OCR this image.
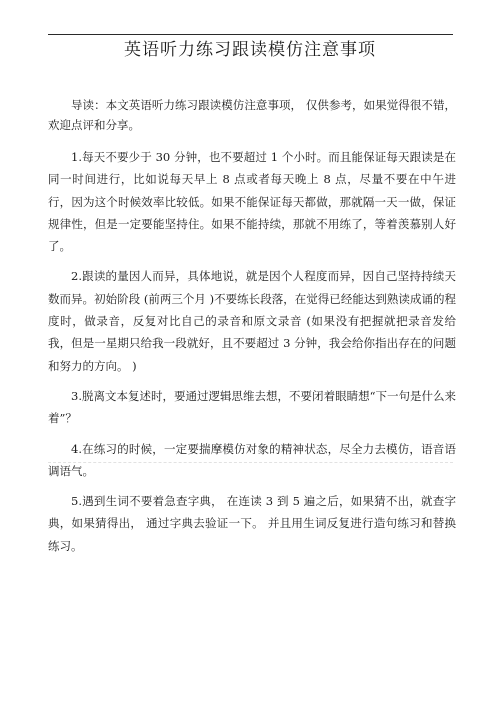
英语听力练习跟读模仿注意事项

导读：本文英语听力练习跟读模仿注意事项， 仅供参考，如果觉得很不错，欢迎点评和分享。

1.每天不要少于 30 分钟，也不要超过 1 个小时。而且能保证每天跟读是在同一时间进行，比如说每天早上 8 点或者每天晚上 8 点，尽量不要在中午进行，因为这个时候效率比较低。如果不能保证每天都做，那就隔一天一做，保证规律性，但是一定要能坚持住。如果不能持续，那就不用练了，等着羡慕别人好了。

2.跟读的量因人而异，具体地说，就是因个人程度而异，因自己坚持持续天数而异。初始阶段 (前两三个月 )不要练长段落，在觉得已经能达到熟读成诵的程度时，做录音，反复对比自己的录音和原文录音 (如果没有把握就把录音发给我，但是一星期只给我一段就好，且不要超过 3 分钟，我会给你指出存在的问题和努力的方向。 )

3.脱离文本复述时，要通过逻辑思维去想，不要闭着眼睛想“下一句是什么来着”？

4.在练习的时候，一定要揣摩模仿对象的精神状态，尽全力去模仿，语音语调语气。

5.遇到生词不要着急查字典， 在连读 3 到 5 遍之后，如果猜不出，就查字典，如果猜得出， 通过字典去验证一下。 并且用生词反复进行造句练习和替换练习。
